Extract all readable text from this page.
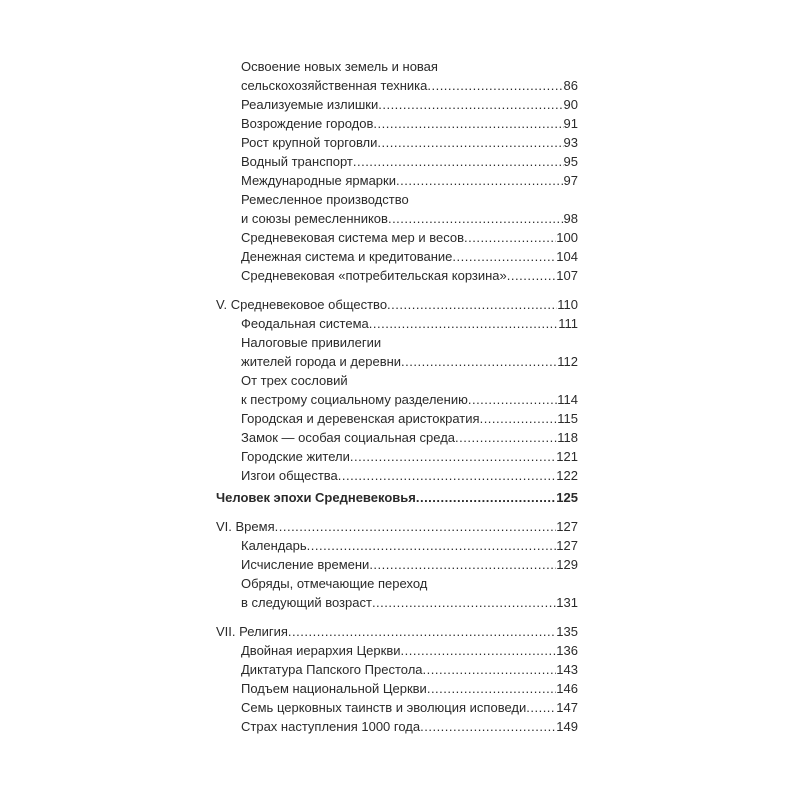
Освоение новых земель и новая
сельскохозяйственная техника .....	86
Реализуемые излишки .....	90
Возрождение городов .....	91
Рост крупной торговли .....	93
Водный транспорт .....	95
Международные ярмарки .....	97
Ремесленное производство
и союзы ремесленников .....	98
Средневековая система мер и весов .....	100
Денежная система и кредитование .....	104
Средневековая «потребительская корзина» .....	107
V. Средневековое общество .....	110
Феодальная система .....	111
Налоговые привилегии
жителей города и деревни .....	112
От трех сословий
к пестрому социальному разделению .....	114
Городская и деревенская аристократия .....	115
Замок — особая социальная среда .....	118
Городские жители .....	121
Изгои общества .....	122
Человек эпохи Средневековья .....	125
VI. Время .....	127
Календарь .....	127
Исчисление времени .....	129
Обряды, отмечающие переход
в следующий возраст .....	131
VII. Религия .....	135
Двойная иерархия Церкви .....	136
Диктатура Папского Престола .....	143
Подъем национальной Церкви .....	146
Семь церковных таинств и эволюция исповеди ..... 147
Страх наступления 1000 года .....	149
